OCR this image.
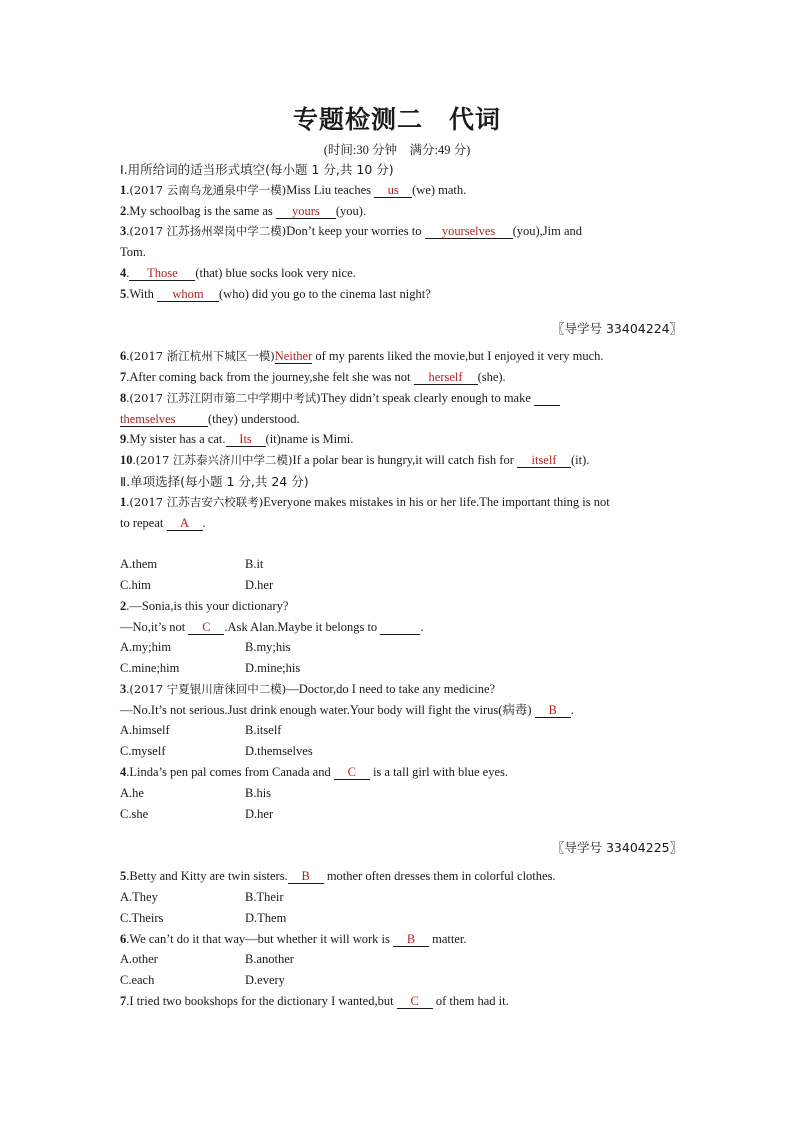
专题检测二　代词
(时间:30 分钟　满分:49 分)
Ⅰ.用所给词的适当形式填空(每小题 1 分,共 10 分)
1.(2017 云南乌龙通泉中学一模)Miss Liu teaches us (we) math.
2.My schoolbag is the same as yours (you).
3.(2017 江苏扬州翠岗中学二模)Don’t keep your worries to yourselves (you),Jim and
Tom.
4. Those (that) blue socks look very nice.
5.With whom (who) did you go to the cinema last night?
〖导学号 33404224〗
6.(2017 浙江杭州下城区一模)Neither of my parents liked the movie,but I enjoyed it very much.
7.After coming back from the journey,she felt she was not herself (she).
8.(2017 江苏江阴市第二中学期中考试)They didn’t speak clearly enough to make
themselves	(they) understood.
9.My sister has a cat. Its (it)name is Mimi.
10.(2017 江苏泰兴济川中学二模)If a polar bear is hungry,it will catch fish for itself (it).
Ⅱ.单项选择(每小题 1 分,共 24 分)
1.(2017 江苏吉安六校联考)Everyone makes mistakes in his or her life.The important thing is not
to repeat A .
A.them	B.it
C.him	D.her
2.—Sonia,is this your dictionary?
—No,it’s not C .Ask Alan.Maybe it belongs to	.
A.my;him	B.my;his
C.mine;him	D.mine;his
3.(2017 宁夏银川唐徕回中二模)—Doctor,do I need to take any medicine?
—No.It’s not serious.Just drink enough water.Your body will fight the virus(病毒) B .
A.himself	B.itself
C.myself	D.themselves
4.Linda’s pen pal comes from Canada and C is a tall girl with blue eyes.
A.he	B.his
C.she	D.her
〖导学号 33404225〗
5.Betty and Kitty are twin sisters. B mother often dresses them in colorful clothes.
A.They	B.Their
C.Theirs	D.Them
6.We can’t do it that way—but whether it will work is B matter.
A.other	B.another
C.each	D.every
7.I tried two bookshops for the dictionary I wanted,but C of them had it.
